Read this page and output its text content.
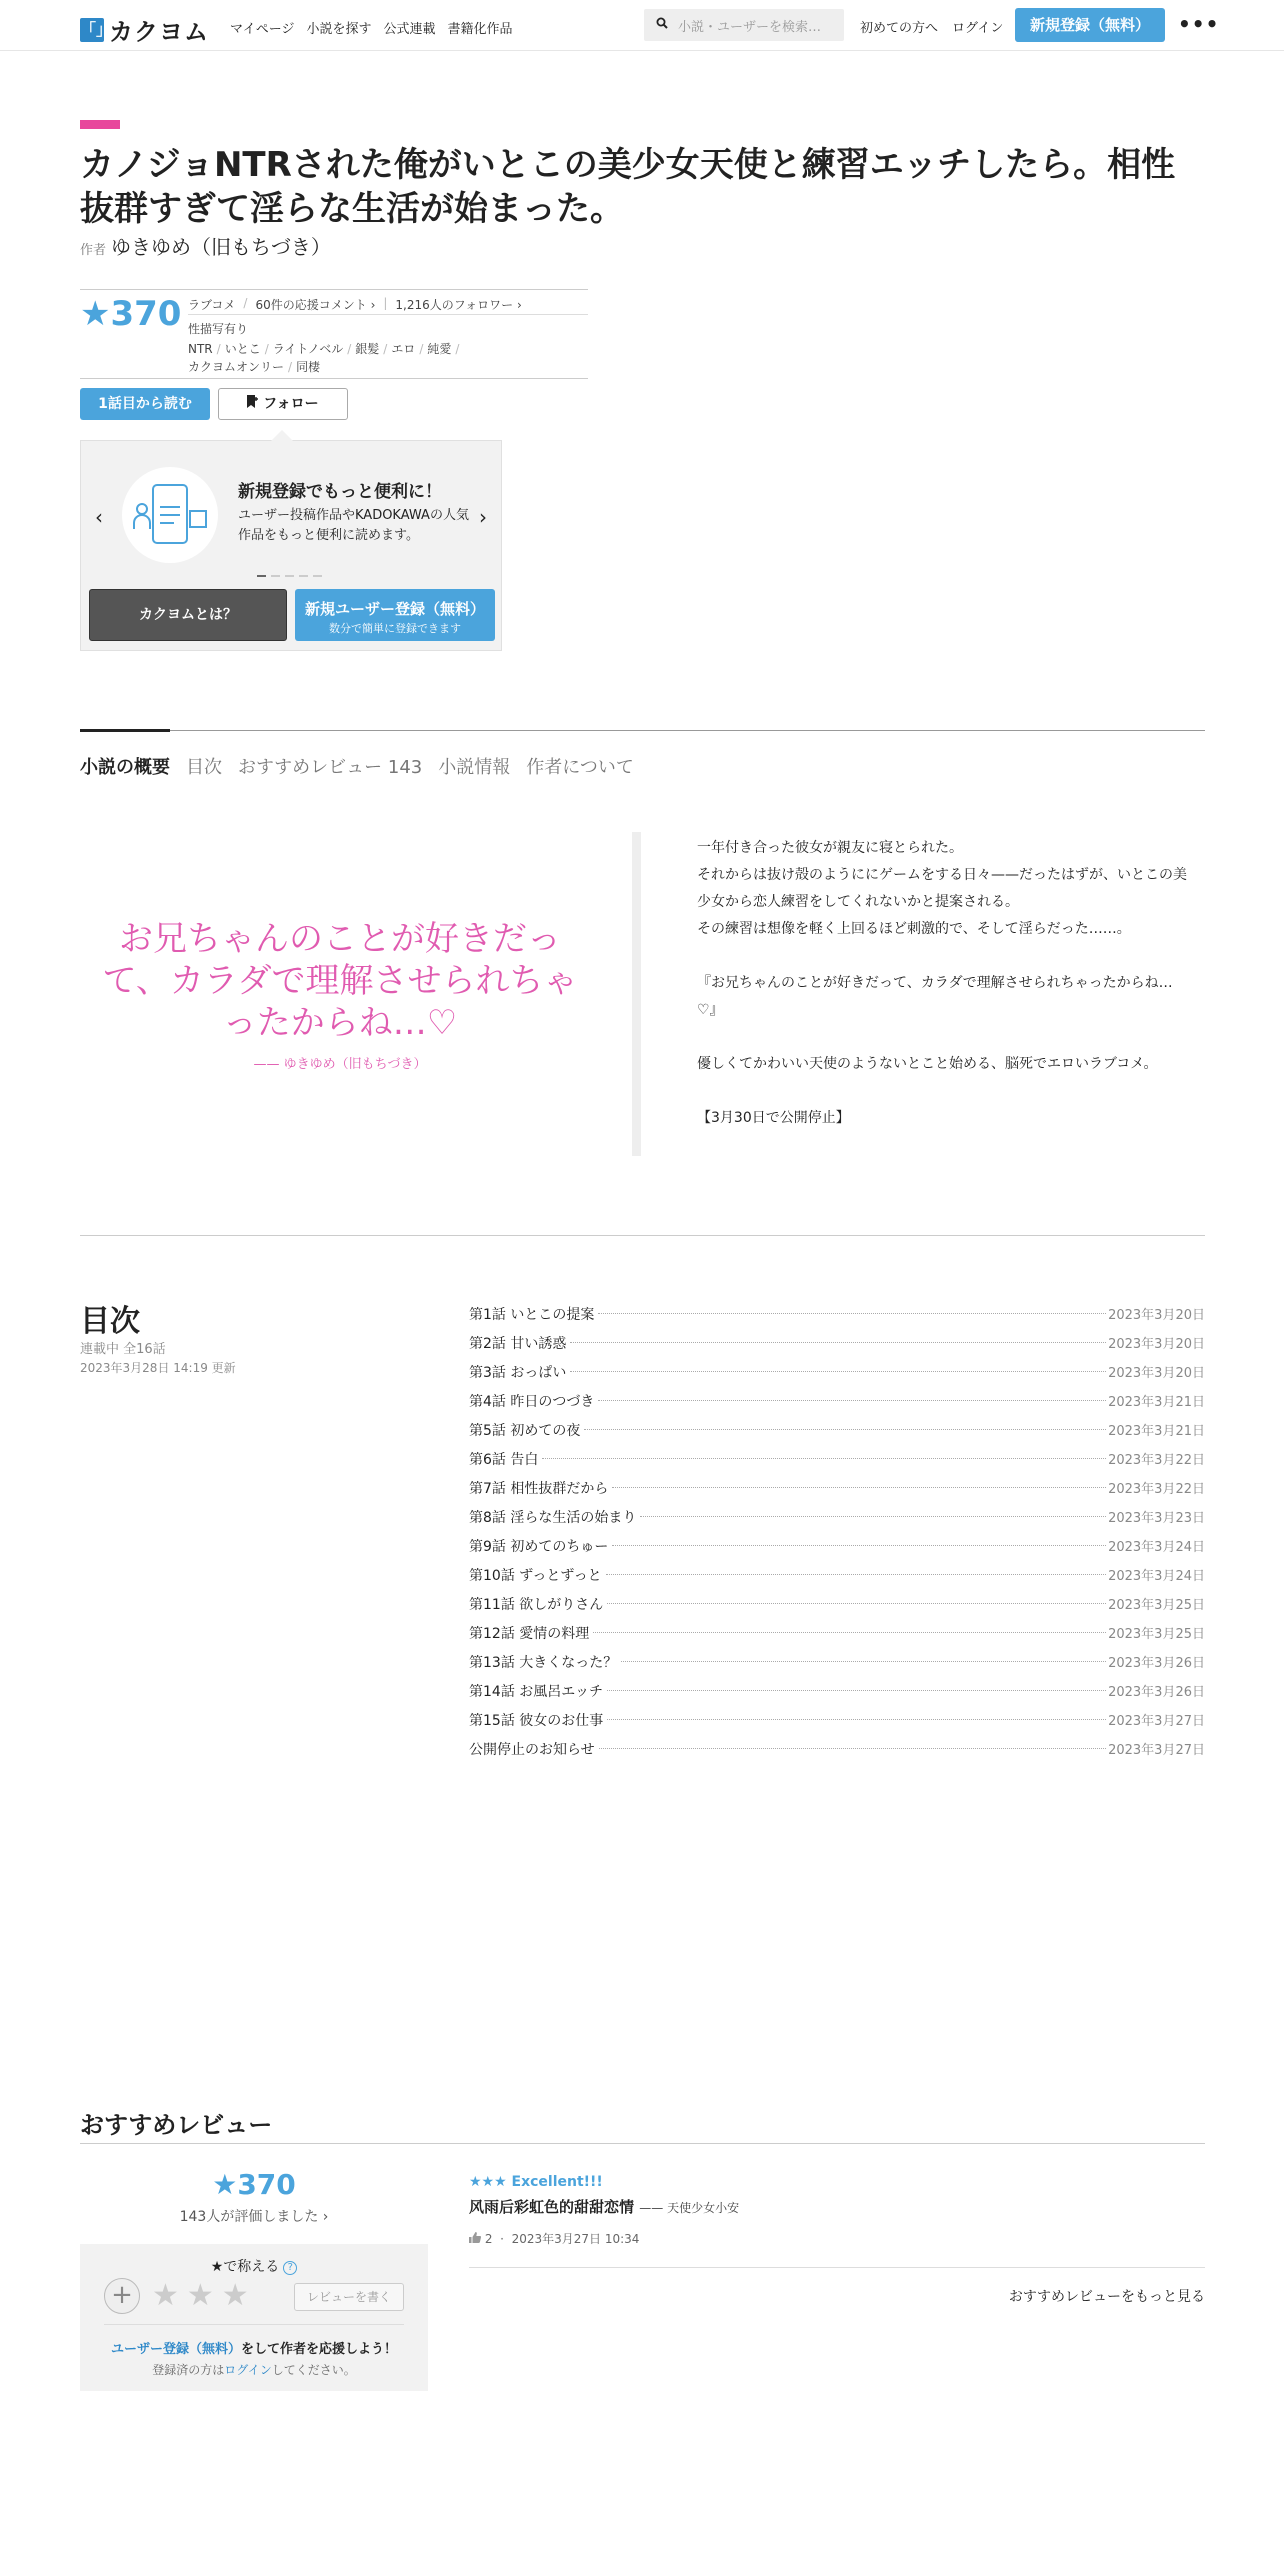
「」
カクヨム マイページ 小説を探す 公式連載 書籍化作品	小説・ユーザーを検索…	初めての方へ ログイン	新規登録（無料）	•••
カノジョNTRされた俺がいとこの美少女天使と練習エッチしたら。相性抜群すぎて淫らな生活が始まった。
作者 ゆきゆめ（旧もちづき）
★370 ラブコメ / 60件の応援コメント › | 1,216人のフォロワー ›
性描写有り
NTR / いとこ / ライトノベル / 銀髪 / エロ / 純愛 /
カクヨムオンリー / 同棲
1話目から読む	フォロー
‹	›
新規登録でもっと便利に！
ユーザー投稿作品やKADOKAWAの人気作品をもっと便利に読めます。
カクヨムとは？	新規ユーザー登録（無料）
数分で簡単に登録できます
小説の概要 目次 おすすめレビュー 143 小説情報 作者について
お兄ちゃんのことが好きだって、カラダで理解させられちゃったからね…♡
—— ゆきゆめ（旧もちづき）

一年付き合った彼女が親友に寝とられた。
それからは抜け殻のようににゲームをする日々——だったはずが、いとこの美少女から恋人練習をしてくれないかと提案される。
その練習は想像を軽く上回るほど刺激的で、そして淫らだった……。

『お兄ちゃんのことが好きだって、カラダで理解させられちゃったからね…♡』

優しくてかわいい天使のようないとこと始める、脳死でエロいラブコメ。

【3月30日で公開停止】

目次
連載中 全16話
2023年3月28日 14:19 更新
第1話 いとこの提案	2023年3月20日
第2話 甘い誘惑	2023年3月20日
第3話 おっぱい	2023年3月20日
第4話 昨日のつづき	2023年3月21日
第5話 初めての夜	2023年3月21日
第6話 告白	2023年3月22日
第7話 相性抜群だから	2023年3月22日
第8話 淫らな生活の始まり	2023年3月23日
第9話 初めてのちゅー	2023年3月24日
第10話 ずっとずっと	2023年3月24日
第11話 欲しがりさん	2023年3月25日
第12話 愛情の料理	2023年3月25日
第13話 大きくなった？	2023年3月26日
第14話 お風呂エッチ	2023年3月26日
第15話 彼女のお仕事	2023年3月27日
公開停止のお知らせ	2023年3月27日
おすすめレビュー
★370
143人が評価しました ›
★で称える ?
+ ★★★	レビューを書く
ユーザー登録（無料）をして作者を応援しよう！
登録済の方はログインしてください。
★★★ Excellent!!!
风雨后彩虹色的甜甜恋情 —— 天使少女小安
2  ·  2023年3月27日 10:34
おすすめレビューをもっと見る
